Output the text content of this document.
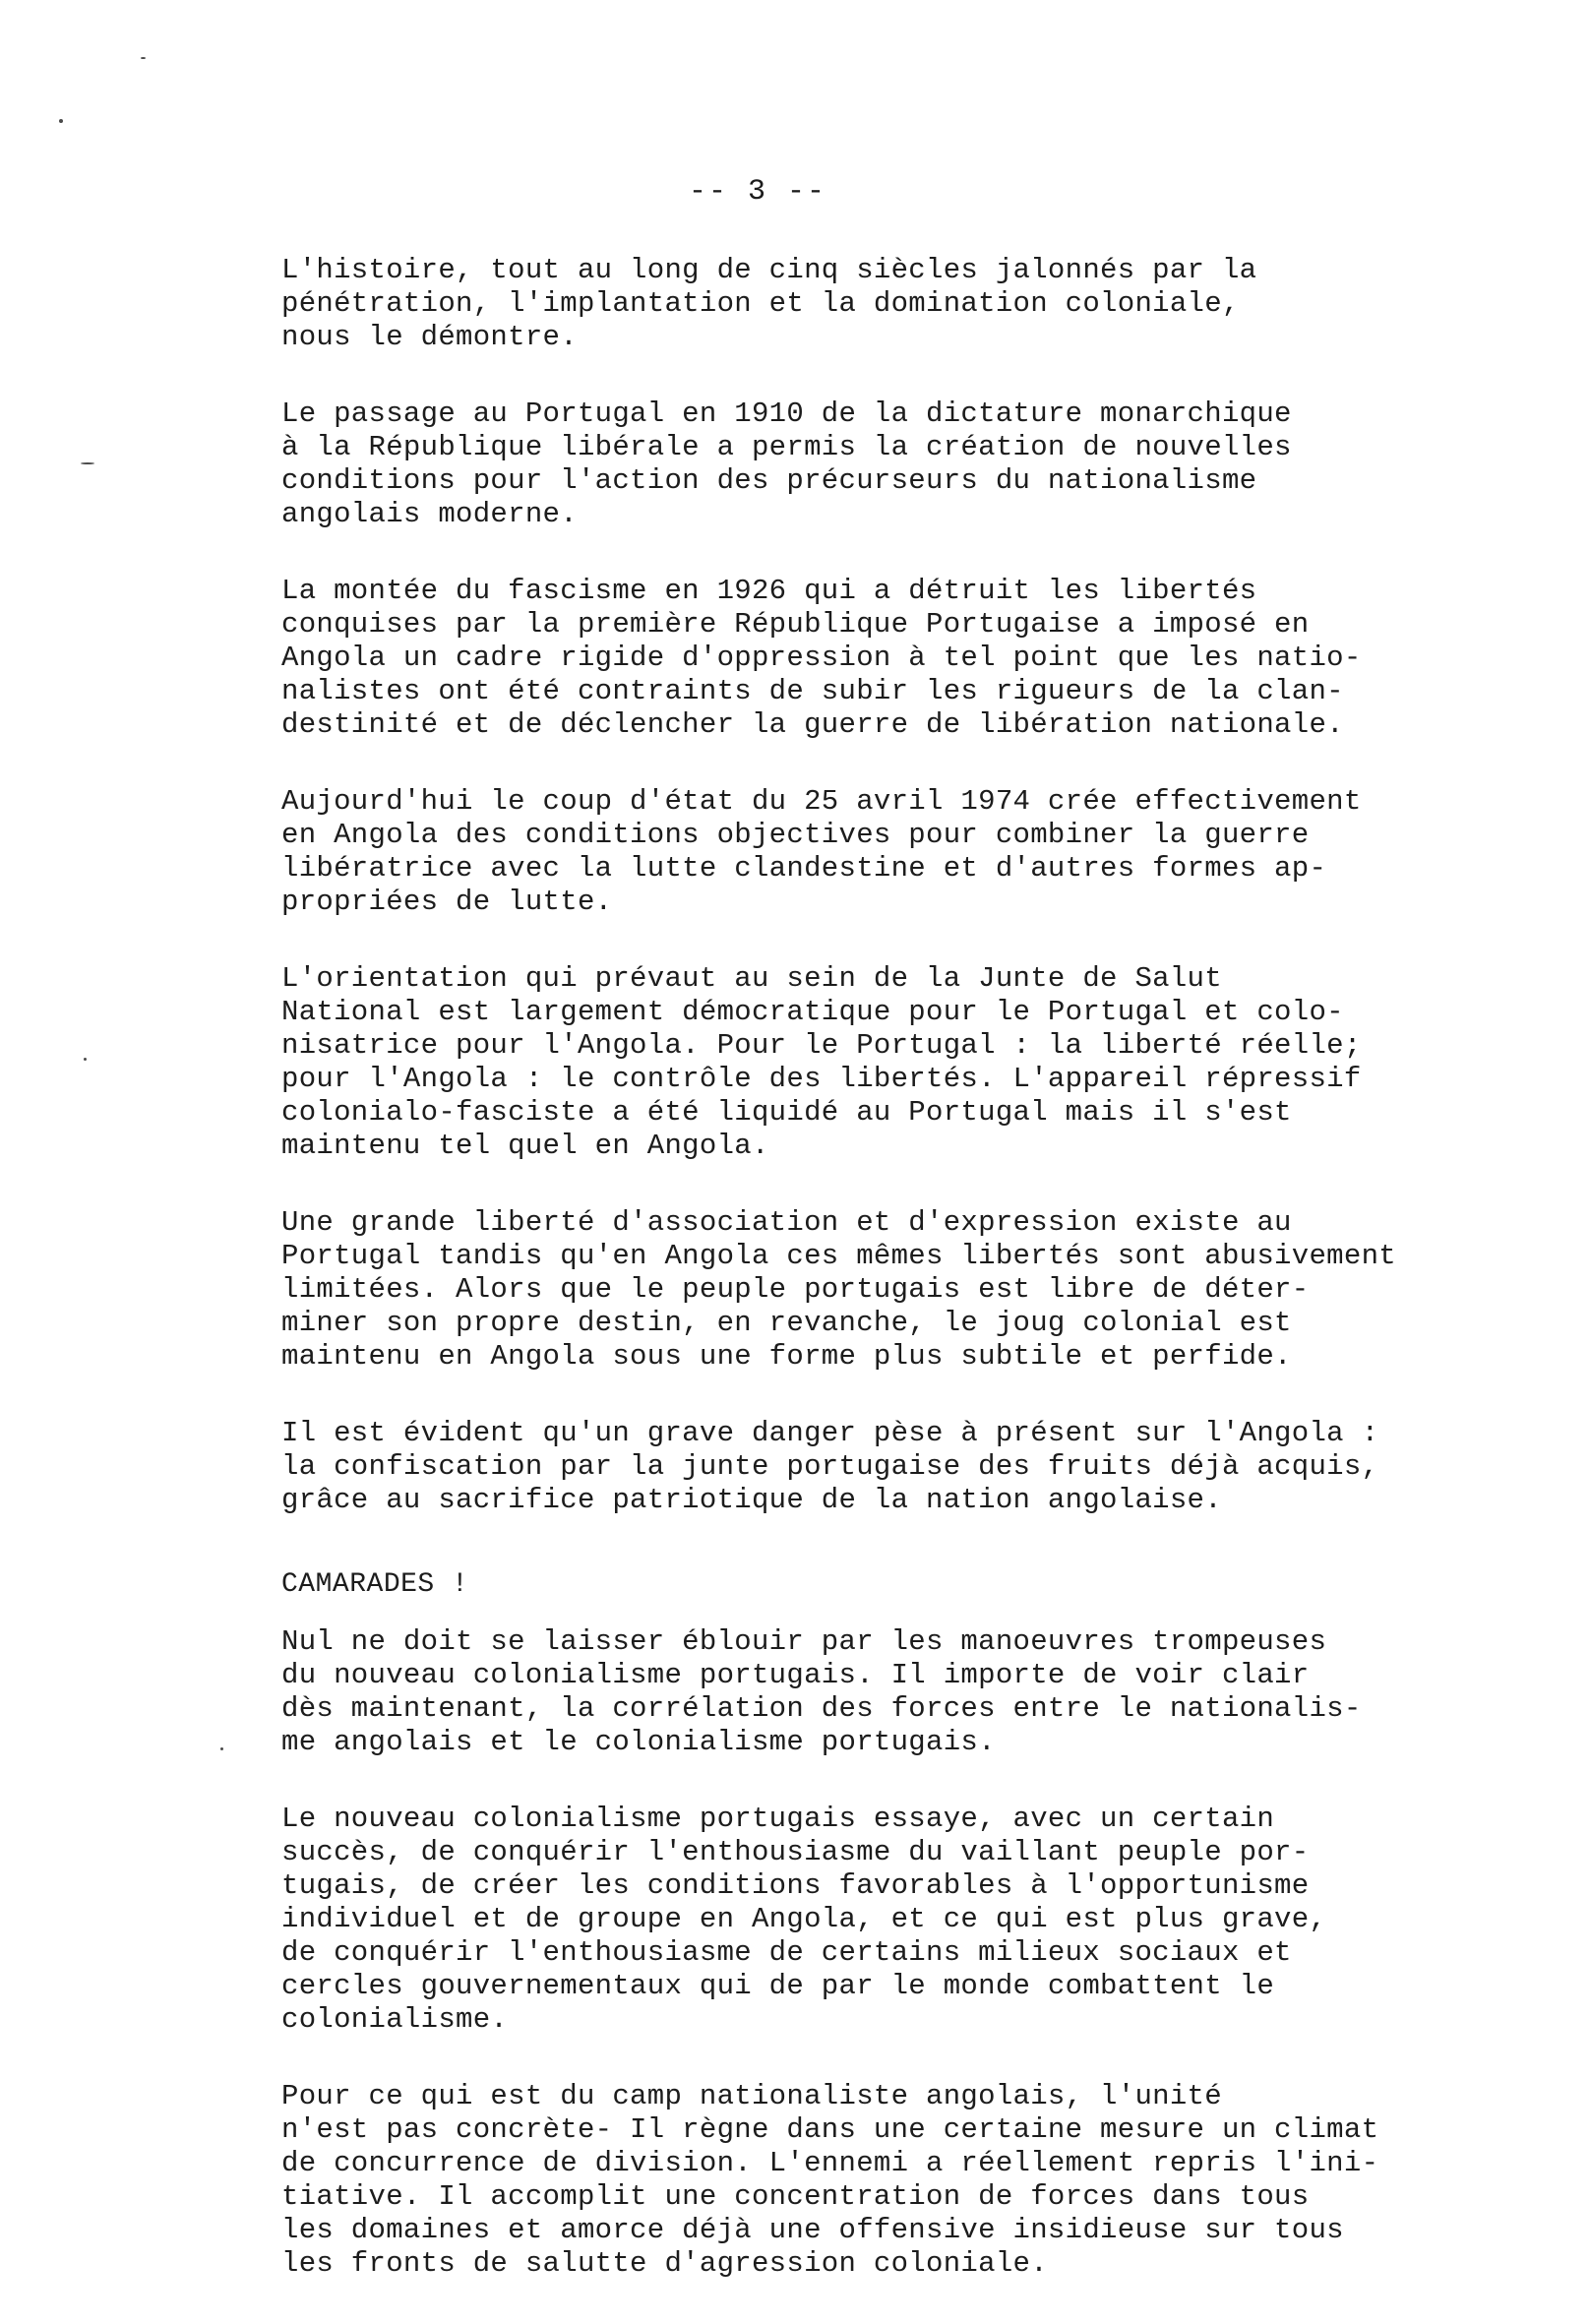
-- 3 --

L'histoire, tout au long de cinq siècles jalonnés par la
pénétration, l'implantation et la domination coloniale,
nous le démontre.

Le passage au Portugal en 1910 de la dictature monarchique
à la République libérale a permis la création de nouvelles
conditions pour l'action des précurseurs du nationalisme
angolais moderne.

La montée du fascisme en 1926 qui a détruit les libertés
conquises par la première République Portugaise a imposé en
Angola un cadre rigide d'oppression à tel point que les natio-
nalistes ont été contraints de subir les rigueurs de la clan-
destinité et de déclencher la guerre de libération nationale.

Aujourd'hui le coup d'état du 25 avril 1974 crée effectivement
en Angola des conditions objectives pour combiner la guerre
libératrice avec la lutte clandestine et d'autres formes ap-
propriées de lutte.

L'orientation qui prévaut au sein de la Junte de Salut
National est largement démocratique pour le Portugal et colo-
nisatrice pour l'Angola. Pour le Portugal : la liberté réelle;
pour l'Angola : le contrôle des libertés. L'appareil répressif
colonialo-fasciste a été liquidé au Portugal mais il s'est
maintenu tel quel en Angola.

Une grande liberté d'association et d'expression existe au
Portugal tandis qu'en Angola ces mêmes libertés sont abusivement
limitées. Alors que le peuple portugais est libre de déter-
miner son propre destin, en revanche, le joug colonial est
maintenu en Angola sous une forme plus subtile et perfide.

Il est évident qu'un grave danger pèse à présent sur l'Angola :
la confiscation par la junte portugaise des fruits déjà acquis,
grâce au sacrifice patriotique de la nation angolaise.

CAMARADES !

Nul ne doit se laisser éblouir par les manoeuvres trompeuses
du nouveau colonialisme portugais. Il importe de voir clair
dès maintenant, la corrélation des forces entre le nationalis-
me angolais et le colonialisme portugais.

Le nouveau colonialisme portugais essaye, avec un certain
succès, de conquérir l'enthousiasme du vaillant peuple por-
tugais, de créer les conditions favorables à l'opportunisme
individuel et de groupe en Angola, et ce qui est plus grave,
de conquérir l'enthousiasme de certains milieux sociaux et
cercles gouvernementaux qui de par le monde combattent le
colonialisme.

Pour ce qui est du camp nationaliste angolais, l'unité
n'est pas concrète- Il règne dans une certaine mesure un climat
de concurrence de division. L'ennemi a réellement repris l'ini-
tiative. Il accomplit une concentration de forces dans tous
les domaines et amorce déjà une offensive insidieuse sur tous
les fronts de salutte d'agression coloniale.
